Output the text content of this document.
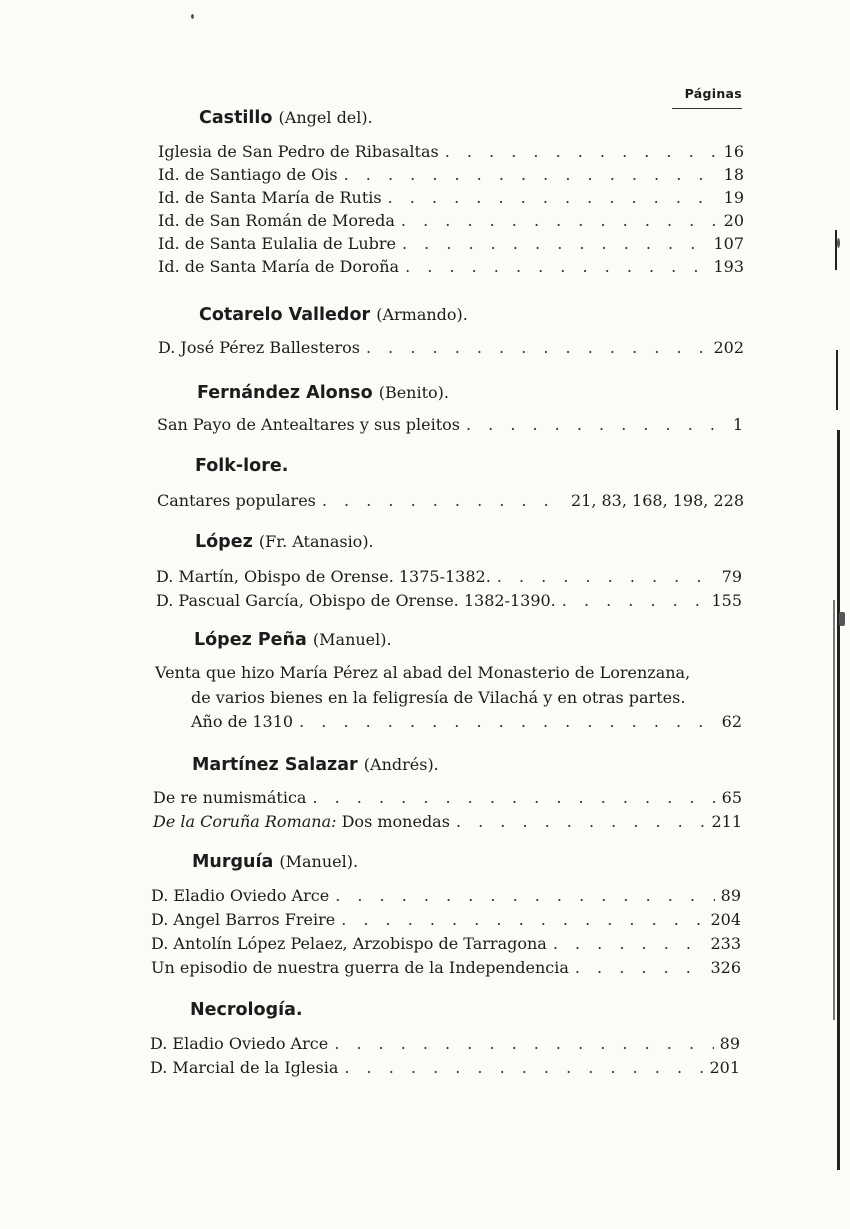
Páginas
Castillo (Angel del).
Iglesia de San Pedro de Ribasaltas . . .	16
Id. de Santiago de Ois . . .	18
Id. de Santa María de Rutis . . .	19
Id. de San Román de Moreda . . .	20
Id. de Santa Eulalia de Lubre . . .	107
Id. de Santa María de Doroña . . .	193
Cotarelo Valledor (Armando).
D. José Pérez Ballesteros . . .	202
Fernández Alonso (Benito).
San Payo de Antealtares y sus pleitos . . .	1
Folk-lore.
Cantares populares . . .	21, 83, 168, 198, 228
López (Fr. Atanasio).
D. Martín, Obispo de Orense. 1375-1382. . . .	79
D. Pascual García, Obispo de Orense. 1382-1390. . . .	155
López Peña (Manuel).
Venta que hizo María Pérez al abad del Monasterio de Lorenzana,
de varios bienes en la feligresía de Vilachá y en otras partes.
Año de 1310 . . .	62
Martínez Salazar (Andrés).
De re numismática . . .	65
De la Coruña Romana: Dos monedas . . .	211
Murguía (Manuel).
D. Eladio Oviedo Arce . . .	89
D. Angel Barros Freire . . .	204
D. Antolín López Pelaez, Arzobispo de Tarragona . . .	233
Un episodio de nuestra guerra de la Independencia . . .	326
Necrología.
D. Eladio Oviedo Arce . . .	89
D. Marcial de la Iglesia . . .	201
